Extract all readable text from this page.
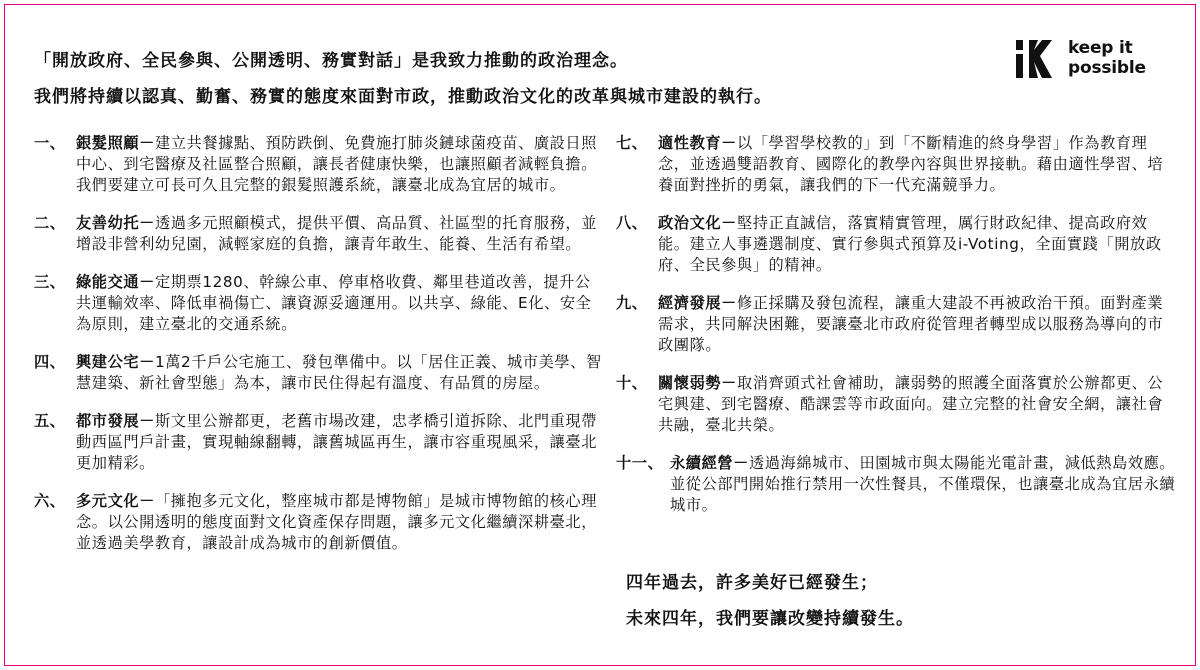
「開放政府、全民參與、公開透明、務實對話」是我致力推動的政治理念。

我們將持續以認真、勤奮、務實的態度來面對市政，推動政治文化的改革與城市建設的執行。

keep it
possible
一、 銀髮照顧－建立共餐據點、預防跌倒、免費施打肺炎鏈球菌疫苗、廣設日照中心、到宅醫療及社區整合照顧，讓長者健康快樂，也讓照顧者減輕負擔。我們要建立可長可久且完整的銀髮照護系統，讓臺北成為宜居的城市。
二、 友善幼托－透過多元照顧模式，提供平價、高品質、社區型的托育服務，並增設非營利幼兒園，減輕家庭的負擔，讓青年敢生、能養、生活有希望。
三、 綠能交通－定期票1280、幹線公車、停車格收費、鄰里巷道改善，提升公共運輸效率、降低車禍傷亡、讓資源妥適運用。以共享、綠能、E化、安全為原則，建立臺北的交通系統。
四、 興建公宅－1萬2千戶公宅施工、發包準備中。以「居住正義、城市美學、智慧建築、新社會型態」為本，讓市民住得起有溫度、有品質的房屋。
五、 都市發展－斯文里公辦都更，老舊市場改建，忠孝橋引道拆除、北門重現帶動西區門戶計畫，實現軸線翻轉，讓舊城區再生，讓市容重現風采，讓臺北更加精彩。
六、 多元文化－「擁抱多元文化，整座城市都是博物館」是城市博物館的核心理念。以公開透明的態度面對文化資產保存問題，讓多元文化繼續深耕臺北，並透過美學教育，讓設計成為城市的創新價值。
七、 適性教育－以「學習學校教的」到「不斷精進的終身學習」作為教育理念，並透過雙語教育、國際化的教學內容與世界接軌。藉由適性學習、培養面對挫折的勇氣，讓我們的下一代充滿競爭力。
八、 政治文化－堅持正直誠信，落實精實管理，厲行財政紀律、提高政府效能。建立人事遴選制度、實行參與式預算及i-Voting，全面實踐「開放政府、全民參與」的精神。
九、 經濟發展－修正採購及發包流程，讓重大建設不再被政治干預。面對產業需求，共同解決困難，要讓臺北市政府從管理者轉型成以服務為導向的市政團隊。
十、 關懷弱勢－取消齊頭式社會補助，讓弱勢的照護全面落實於公辦都更、公宅興建、到宅醫療、酷課雲等市政面向。建立完整的社會安全網，讓社會共融，臺北共榮。
十一、 永續經營－透過海綿城市、田園城市與太陽能光電計畫，減低熱島效應。並從公部門開始推行禁用一次性餐具，不僅環保，也讓臺北成為宜居永續城市。

四年過去，許多美好已經發生；

未來四年，我們要讓改變持續發生。
